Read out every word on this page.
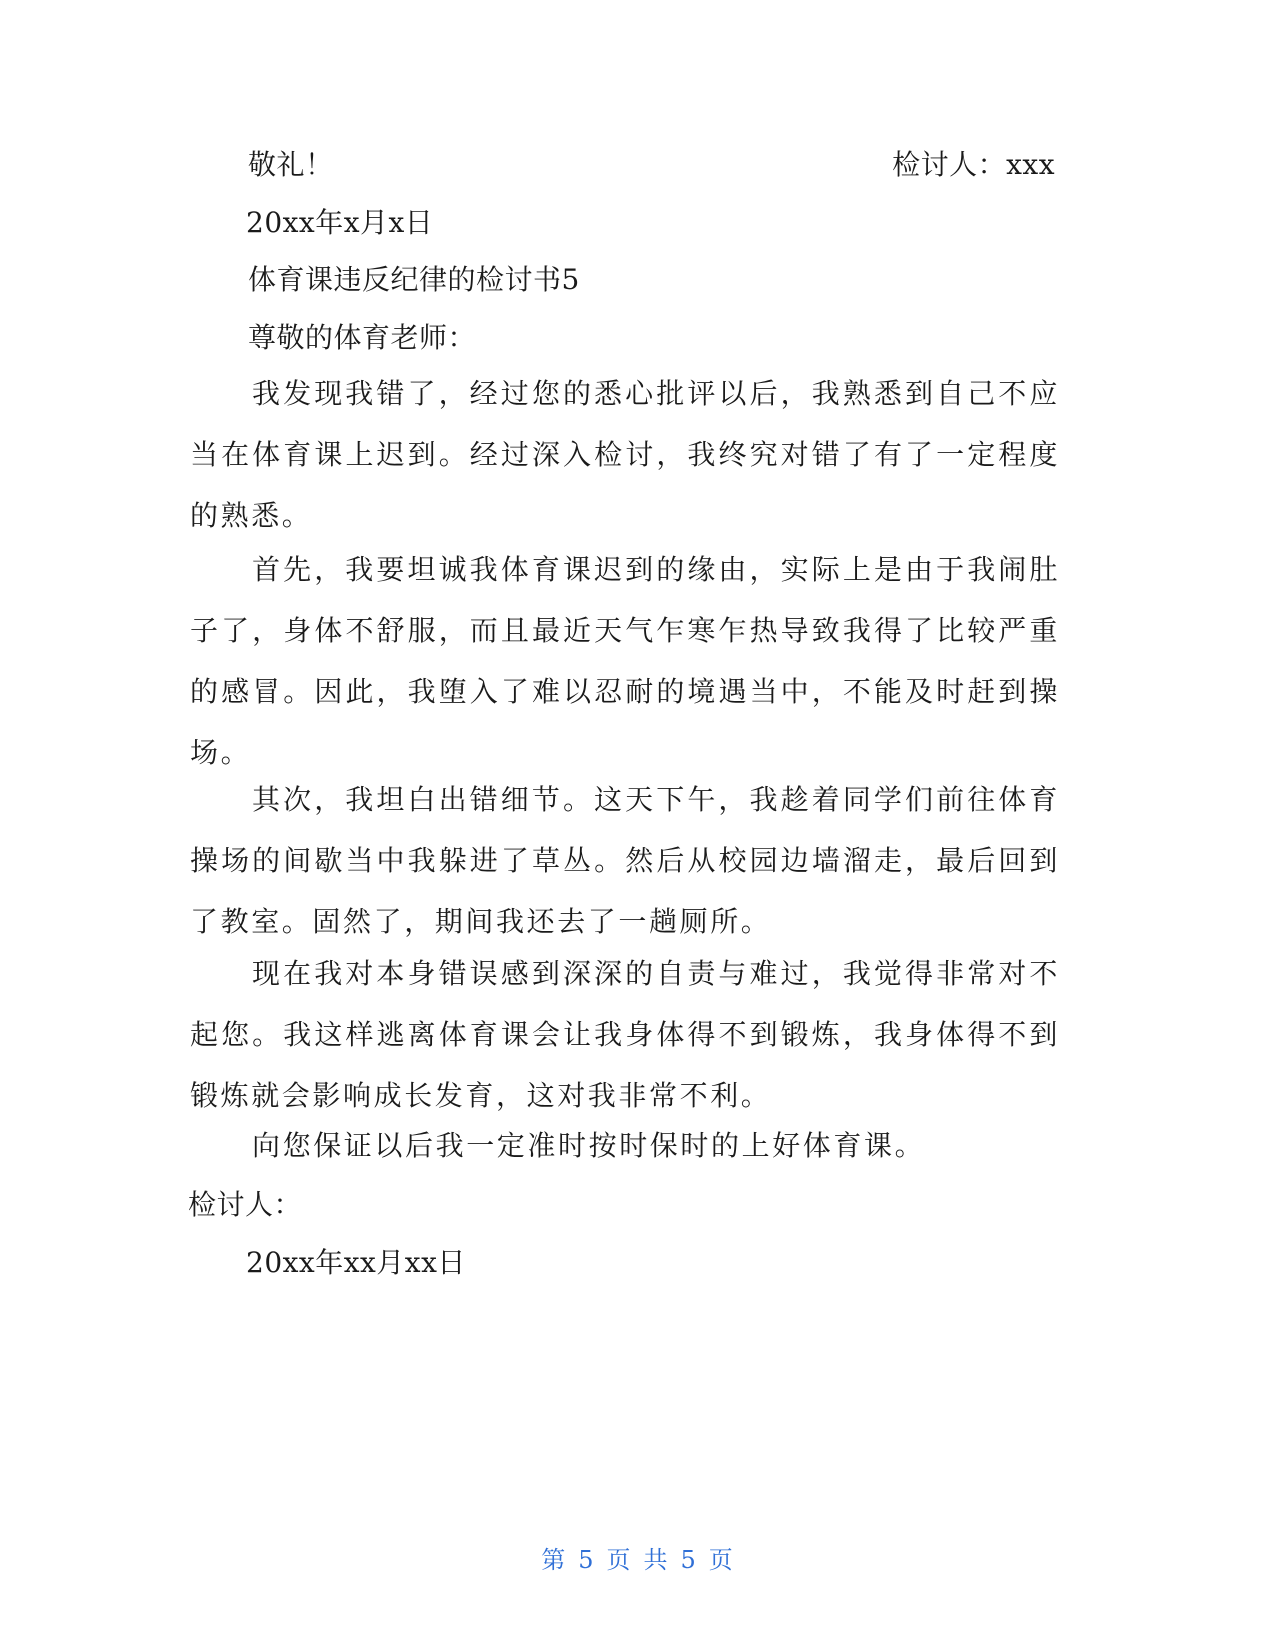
敬礼！	检讨人：xxx
20xx年x月x日
体育课违反纪律的检讨书5
尊敬的体育老师：

我发现我错了，经过您的悉心批评以后，我熟悉到自己不应当在体育课上迟到。经过深入检讨，我终究对错了有了一定程度的熟悉。

首先，我要坦诚我体育课迟到的缘由，实际上是由于我闹肚子了，身体不舒服，而且最近天气乍寒乍热导致我得了比较严重的感冒。因此，我堕入了难以忍耐的境遇当中，不能及时赶到操场。

其次，我坦白出错细节。这天下午，我趁着同学们前往体育操场的间歇当中我躲进了草丛。然后从校园边墙溜走，最后回到了教室。固然了，期间我还去了一趟厕所。

现在我对本身错误感到深深的自责与难过，我觉得非常对不起您。我这样逃离体育课会让我身体得不到锻炼，我身体得不到锻炼就会影响成长发育，这对我非常不利。

向您保证以后我一定准时按时保时的上好体育课。

检讨人：
20xx年xx月xx日
第 5 页 共 5 页
